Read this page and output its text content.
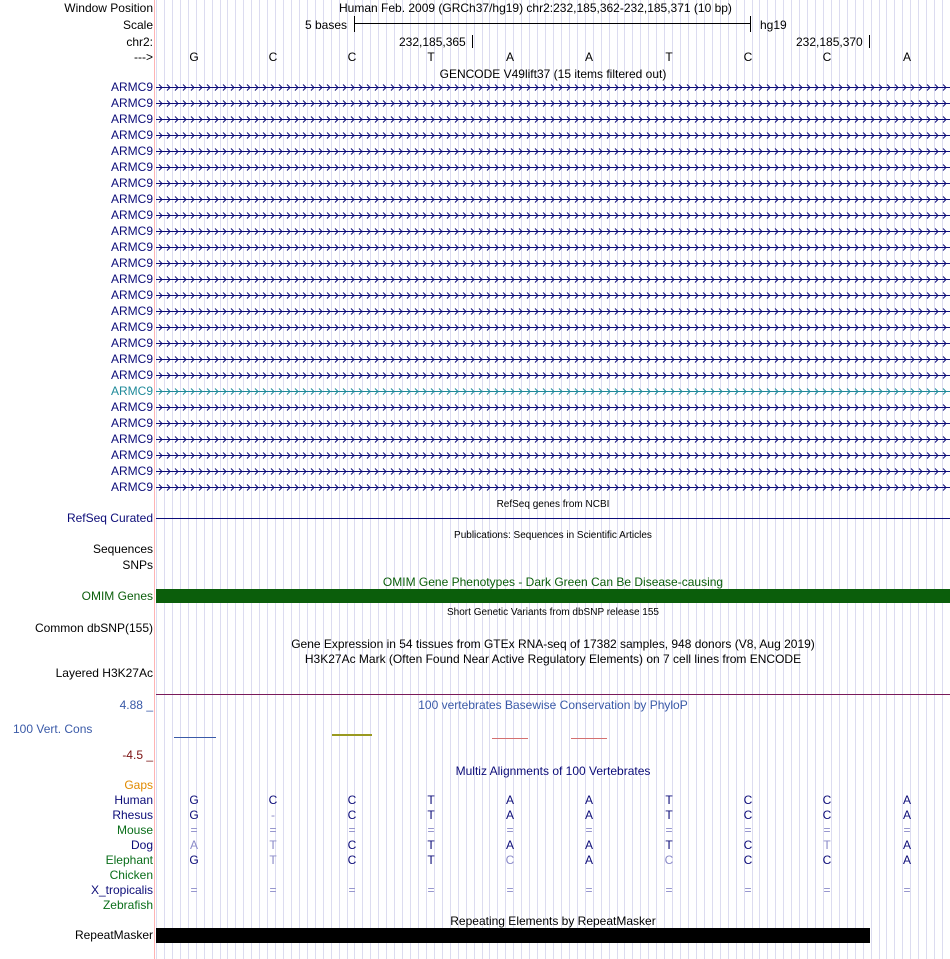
Window Position	Human Feb. 2009 (GRCh37/hg19) chr2:232,185,362-232,185,371 (10 bp)
Scale	5 bases	hg19
chr2:	232,185,365	232,185,370
--->	G	C	C	T	A	A	T	C	C	A
GENCODE V49lift37 (15 items filtered out)
ARMC9
ARMC9
ARMC9
ARMC9
ARMC9
ARMC9
ARMC9
ARMC9
ARMC9
ARMC9
ARMC9
ARMC9
ARMC9
ARMC9
ARMC9
ARMC9
ARMC9
ARMC9
ARMC9
ARMC9
ARMC9
ARMC9
ARMC9
ARMC9
ARMC9
ARMC9
RefSeq genes from NCBI
RefSeq Curated
Publications: Sequences in Scientific Articles
Sequences
SNPs
OMIM Gene Phenotypes - Dark Green Can Be Disease-causing
OMIM Genes
Short Genetic Variants from dbSNP release 155
Common dbSNP(155)
Gene Expression in 54 tissues from GTEx RNA-seq of 17382 samples, 948 donors (V8, Aug 2019)
H3K27Ac Mark (Often Found Near Active Regulatory Elements) on 7 cell lines from ENCODE
Layered H3K27Ac
4.88 _	100 vertebrates Basewise Conservation by PhyloP
100 Vert. Cons
-4.5 _
Multiz Alignments of 100 Vertebrates
Gaps
Human	G	C	C	T	A	A	T	C	C	A
Rhesus	G	-	C	T	A	A	T	C	C	A
Mouse	=	=	=	=	=	=	=	=	=	=
Dog	A	T	C	T	A	A	T	C	T	A
Elephant	G	T	C	T	C	A	C	C	C	A
Chicken
X_tropicalis	=	=	=	=	=	=	=	=	=	=
Zebrafish
Repeating Elements by RepeatMasker
RepeatMasker
